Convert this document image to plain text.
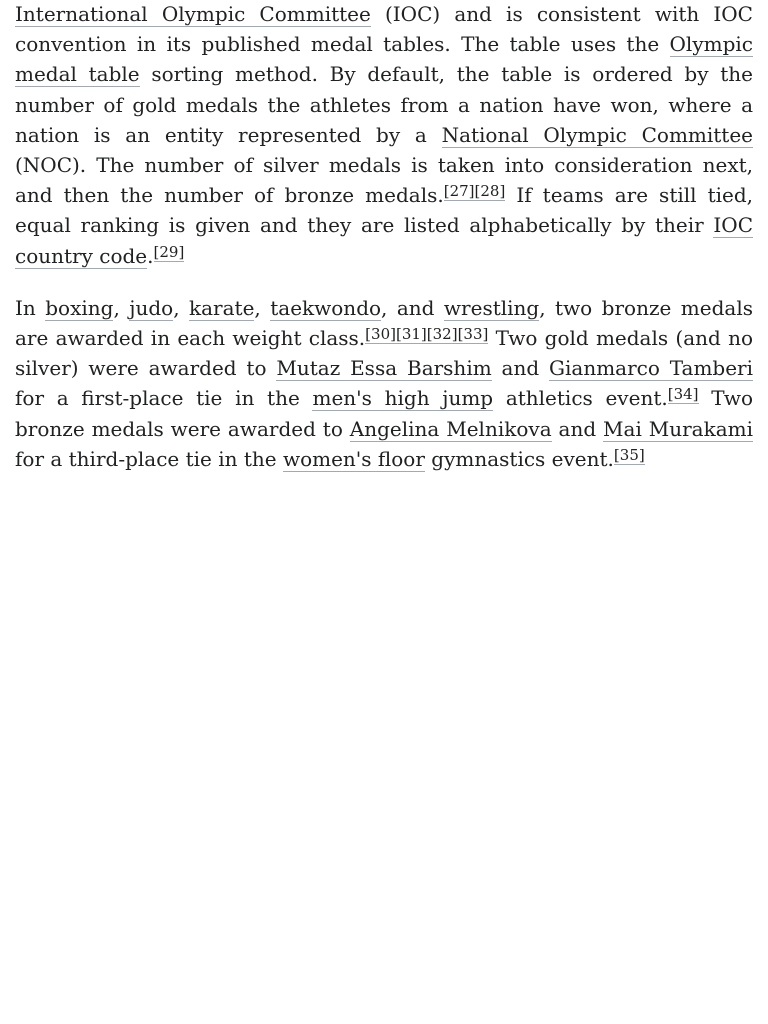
International Olympic Committee (IOC) and is consistent with IOC convention in its published medal tables. The table uses the Olympic medal table sorting method. By default, the table is ordered by the number of gold medals the athletes from a nation have won, where a nation is an entity represented by a National Olympic Committee (NOC). The number of silver medals is taken into consideration next, and then the number of bronze medals.[27][28] If teams are still tied, equal ranking is given and they are listed alphabetically by their IOC country code.[29]

In boxing, judo, karate, taekwondo, and wrestling, two bronze medals are awarded in each weight class.[30][31][32][33] Two gold medals (and no silver) were awarded to Mutaz Essa Barshim and Gianmarco Tamberi for a first-place tie in the men's high jump athletics event.[34] Two bronze medals were awarded to Angelina Melnikova and Mai Murakami for a third-place tie in the women's floor gymnastics event.[35]
